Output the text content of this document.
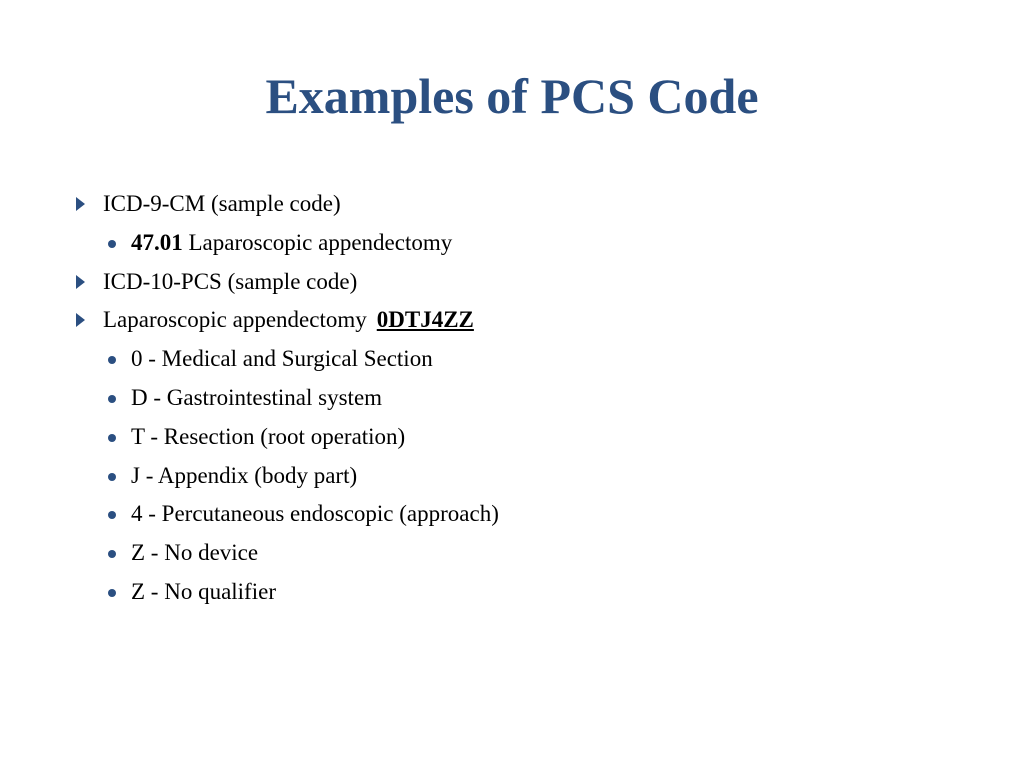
Examples of PCS Code
ICD-9-CM (sample code)
47.01 Laparoscopic appendectomy
ICD-10-PCS (sample code)
Laparoscopic appendectomy 0DTJ4ZZ
0 - Medical and Surgical Section
D - Gastrointestinal system
T - Resection (root operation)
J - Appendix (body part)
4 - Percutaneous endoscopic (approach)
Z - No device
Z - No qualifier
